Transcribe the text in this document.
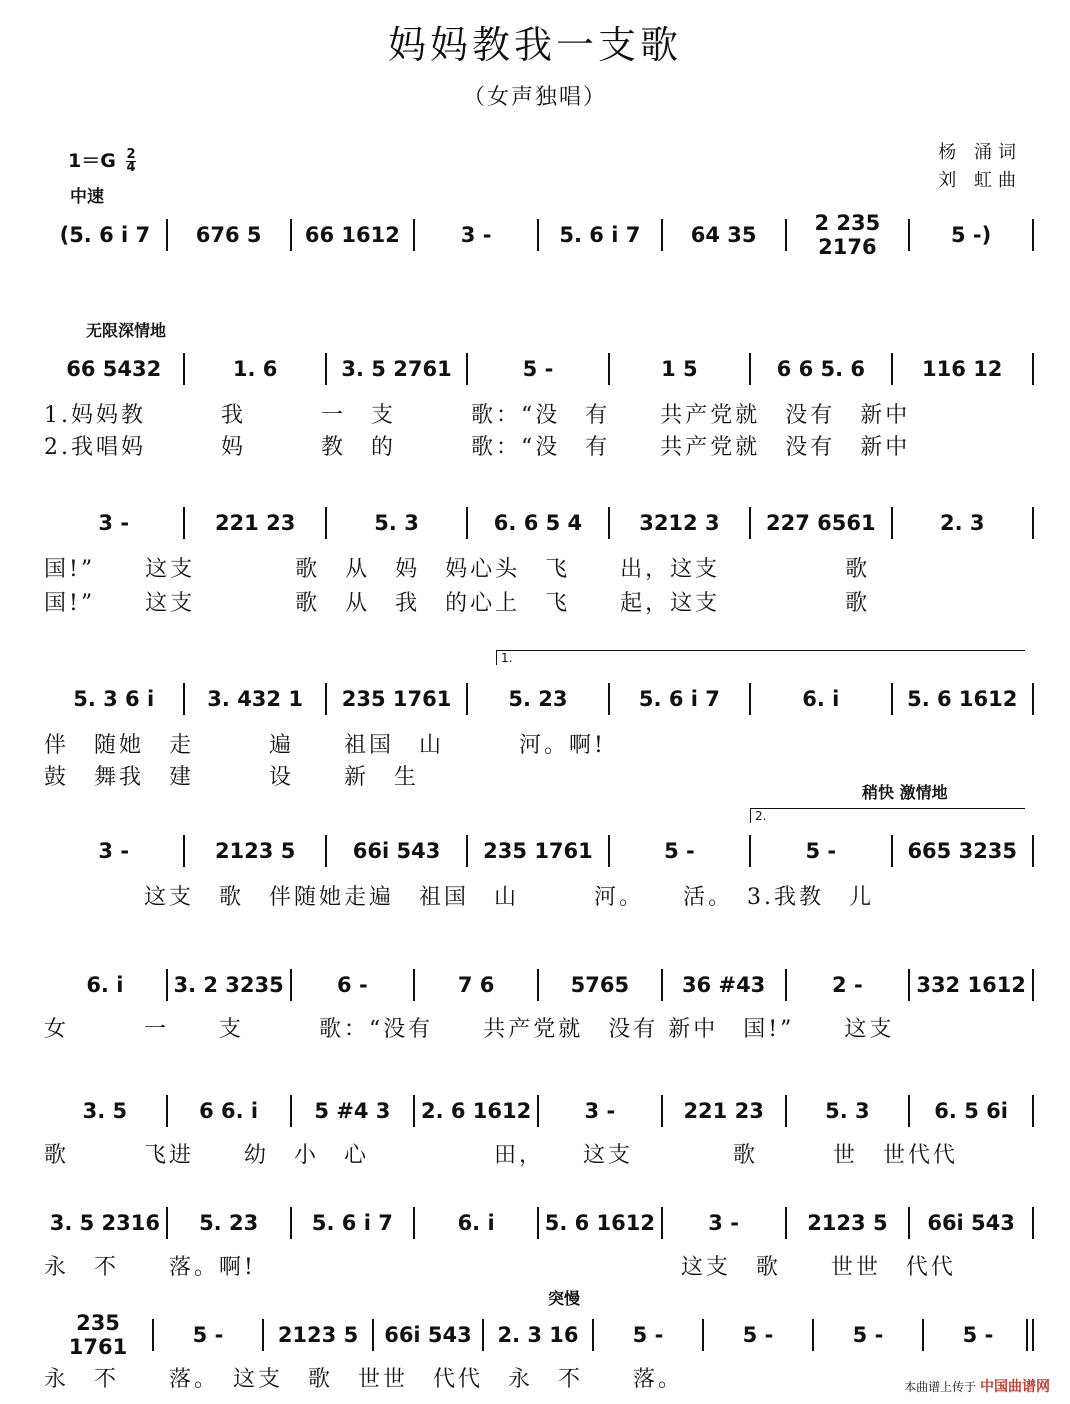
妈妈教我一支歌
（女声独唱）
$1=G \frac{2}{4}$
中速
杨 涌词
刘 虹曲
(5. 6 i 7	676 5	66 1612	3 -	5. 6 i 7	64 35	2 235 2176	5 -)
无限深情地
66 5432	1. 6	3. 5 2761	5 -	1 5	6 6 5. 6	116 12
1.妈妈教　　　我　　　一　支　　　歌：“没　有　　共产党就　没有　新中
2.我唱妈　　　妈　　　教　的　　　歌：“没　有　　共产党就　没有　新中
3 -	221 23	5. 3	6. 6 5 4	3212 3	227 6561	2. 3
国!”　　这支　　　　歌　从　妈　妈心头　飞　　出，这支　　　　　歌
国!”　　这支　　　　歌　从　我　的心上　飞　　起，这支　　　　　歌
1.
5. 3 6 i	3. 432 1	235 1761	5. 23	5. 6 i 7	6. i	5. 6 1612
伴　随她　走　　　遍　　祖国　山　　　河。啊!
鼓　舞我　建　　　设　　新　生
稍快 激情地
2.
3 -	2123 5	66i 543	235 1761	5 -	5 -	665 3235
　　　　这支　歌　伴随她走遍　祖国　山　　　河。　　活。　3.我教　儿
6. i	3. 2 3235	6 -	7 6	5765	36 #43	2 -	332 1612
女　　　一　　支　　　歌：“没有　　共产党就　没有 新中　国!”　　这支
3. 5	6 6. i	5 #4 3	2. 6 1612	3 -	221 23	5. 3	6. 5 6i
歌　　　飞进　　幼　小　心　　　　　田，　　这支　　　　歌　　　世　世代代
3. 5 2316	5. 23	5. 6 i 7	6. i	5. 6 1612	3 -	2123 5	66i 543
永　不　　落。啊!　　　　　　　　　　　　　　　　　这支　歌　　世世　代代
突慢
235 1761	5 -	2123 5	66i 543	2. 3 16	5 -	5 -	5 -	5 -
永　不　　落。　这支　歌　世世　代代　永　不　　落。	本曲谱上传于 中国曲谱网
